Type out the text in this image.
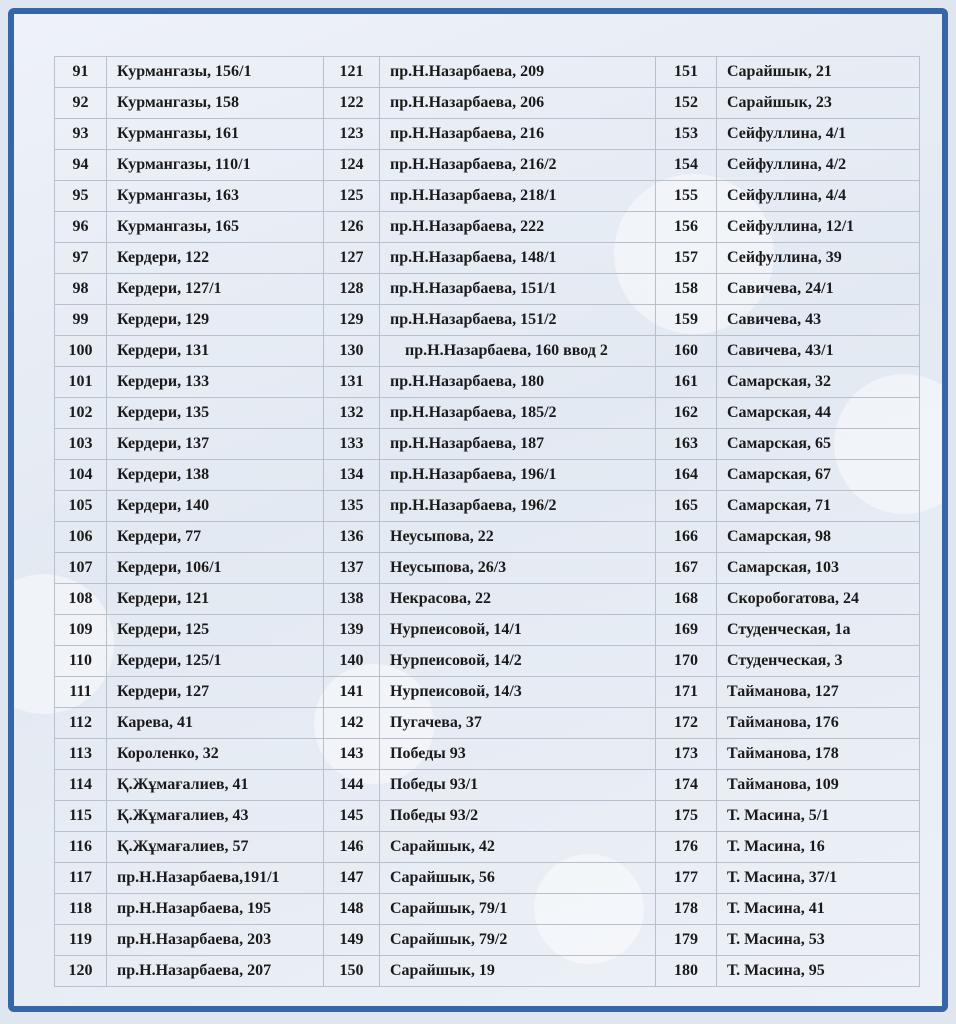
91	Курмангазы, 156/1	121	пр.Н.Назарбаева, 209	151	Сарайшык, 21
92	Курмангазы, 158	122	пр.Н.Назарбаева, 206	152	Сарайшык, 23
93	Курмангазы, 161	123	пр.Н.Назарбаева, 216	153	Сейфуллина, 4/1
94	Курмангазы, 110/1	124	пр.Н.Назарбаева, 216/2	154	Сейфуллина, 4/2
95	Курмангазы, 163	125	пр.Н.Назарбаева, 218/1	155	Сейфуллина, 4/4
96	Курмангазы, 165	126	пр.Н.Назарбаева, 222	156	Сейфуллина, 12/1
97	Кердери, 122	127	пр.Н.Назарбаева, 148/1	157	Сейфуллина, 39
98	Кердери, 127/1	128	пр.Н.Назарбаева, 151/1	158	Савичева, 24/1
99	Кердери, 129	129	пр.Н.Назарбаева, 151/2	159	Савичева, 43
100	Кердери, 131	130	пр.Н.Назарбаева, 160 ввод 2	160	Савичева, 43/1
101	Кердери, 133	131	пр.Н.Назарбаева, 180	161	Самарская, 32
102	Кердери, 135	132	пр.Н.Назарбаева, 185/2	162	Самарская, 44
103	Кердери, 137	133	пр.Н.Назарбаева, 187	163	Самарская, 65
104	Кердери, 138	134	пр.Н.Назарбаева, 196/1	164	Самарская, 67
105	Кердери, 140	135	пр.Н.Назарбаева, 196/2	165	Самарская, 71
106	Кердери, 77	136	Неусыпова, 22	166	Самарская, 98
107	Кердери, 106/1	137	Неусыпова, 26/3	167	Самарская, 103
108	Кердери, 121	138	Некрасова, 22	168	Скоробогатова, 24
109	Кердери, 125	139	Нурпеисовой, 14/1	169	Студенческая, 1а
110	Кердери, 125/1	140	Нурпеисовой, 14/2	170	Студенческая, 3
111	Кердери, 127	141	Нурпеисовой, 14/3	171	Тайманова, 127
112	Карева, 41	142	Пугачева, 37	172	Тайманова, 176
113	Короленко, 32	143	Победы 93	173	Тайманова, 178
114	Қ.Жұмағалиев, 41	144	Победы 93/1	174	Тайманова, 109
115	Қ.Жұмағалиев, 43	145	Победы 93/2	175	Т. Масина, 5/1
116	Қ.Жұмағалиев, 57	146	Сарайшык, 42	176	Т. Масина, 16
117	пр.Н.Назарбаева,191/1	147	Сарайшык, 56	177	Т. Масина, 37/1
118	пр.Н.Назарбаева, 195	148	Сарайшык, 79/1	178	Т. Масина, 41
119	пр.Н.Назарбаева, 203	149	Сарайшык, 79/2	179	Т. Масина, 53
120	пр.Н.Назарбаева, 207	150	Сарайшык, 19	180	Т. Масина, 95
